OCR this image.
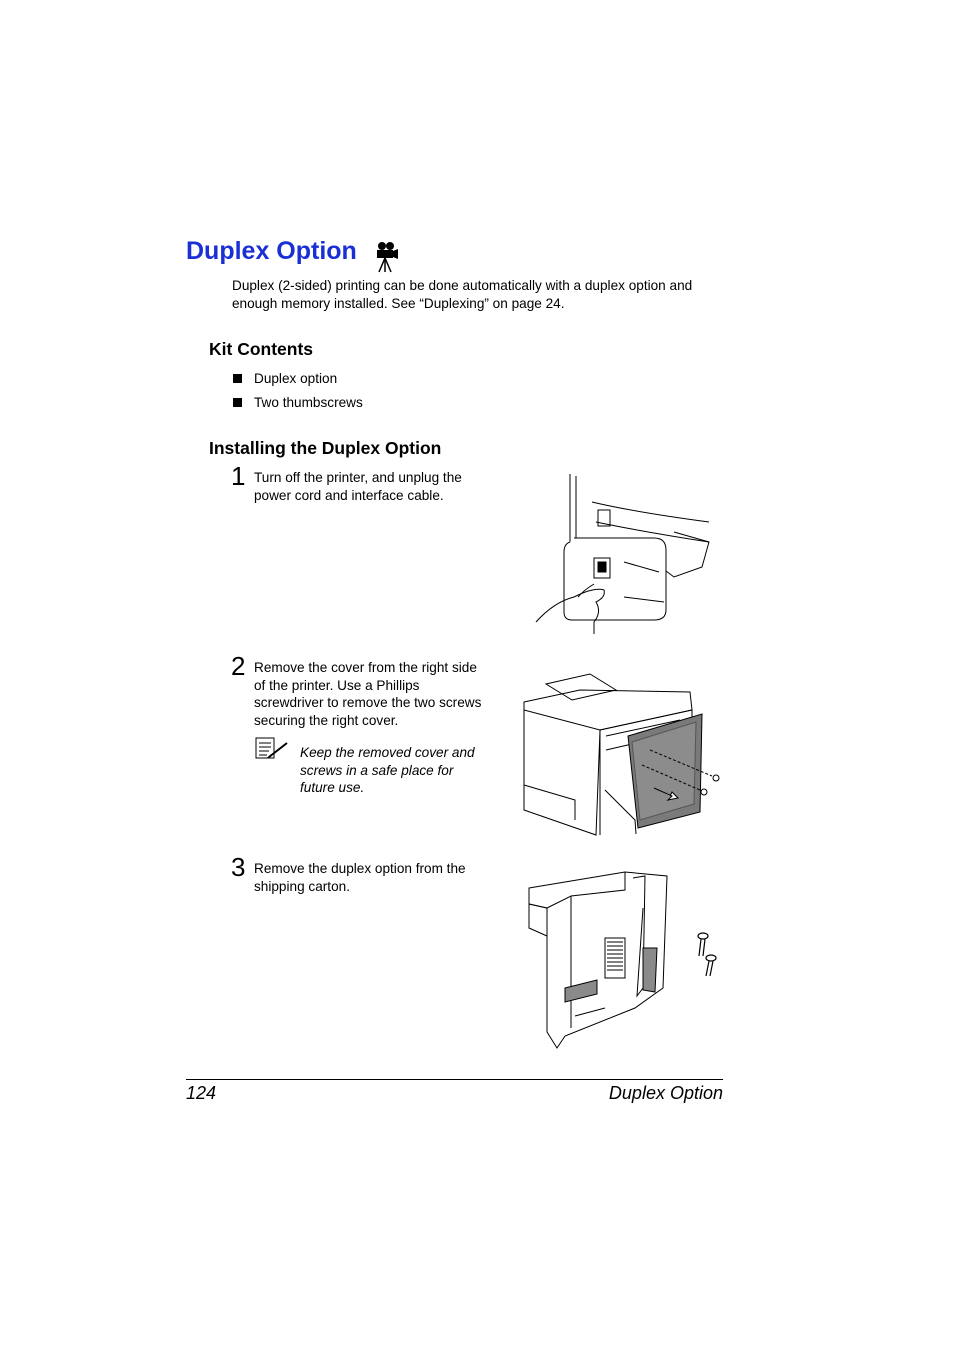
Duplex Option

Duplex (2-sided) printing can be done automatically with a duplex option and enough memory installed. See “Duplexing” on page 24.

Kit Contents
Duplex option
Two thumbscrews
Installing the Duplex Option
1 Turn off the printer, and unplug the
power cord and interface cable.
2 Remove the cover from the right side
of the printer. Use a Phillips
screwdriver to remove the two screws
securing the right cover.
Keep the removed cover and
screws in a safe place for
future use.
3 Remove the duplex option from the
shipping carton.
124	Duplex Option
